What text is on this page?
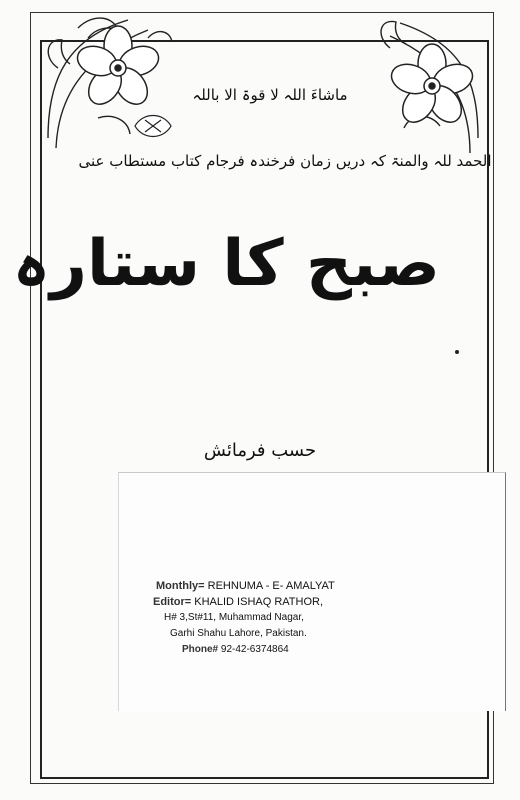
ماشاءَ اللہ لا قوۃ الا باللہ
الحمد للہ والمنۃ کہ دریں زمان فرخندہ فرجام کتاب مستطاب عنی
صبح کا ستارہ
حسب فرمائش
Monthly= REHNUMA - E- AMALYAT
Editor= KHALID ISHAQ RATHOR,
H# 3,St#11, Muhammad Nagar,
Garhi Shahu Lahore, Pakistan.
Phone# 92-42-6374864
